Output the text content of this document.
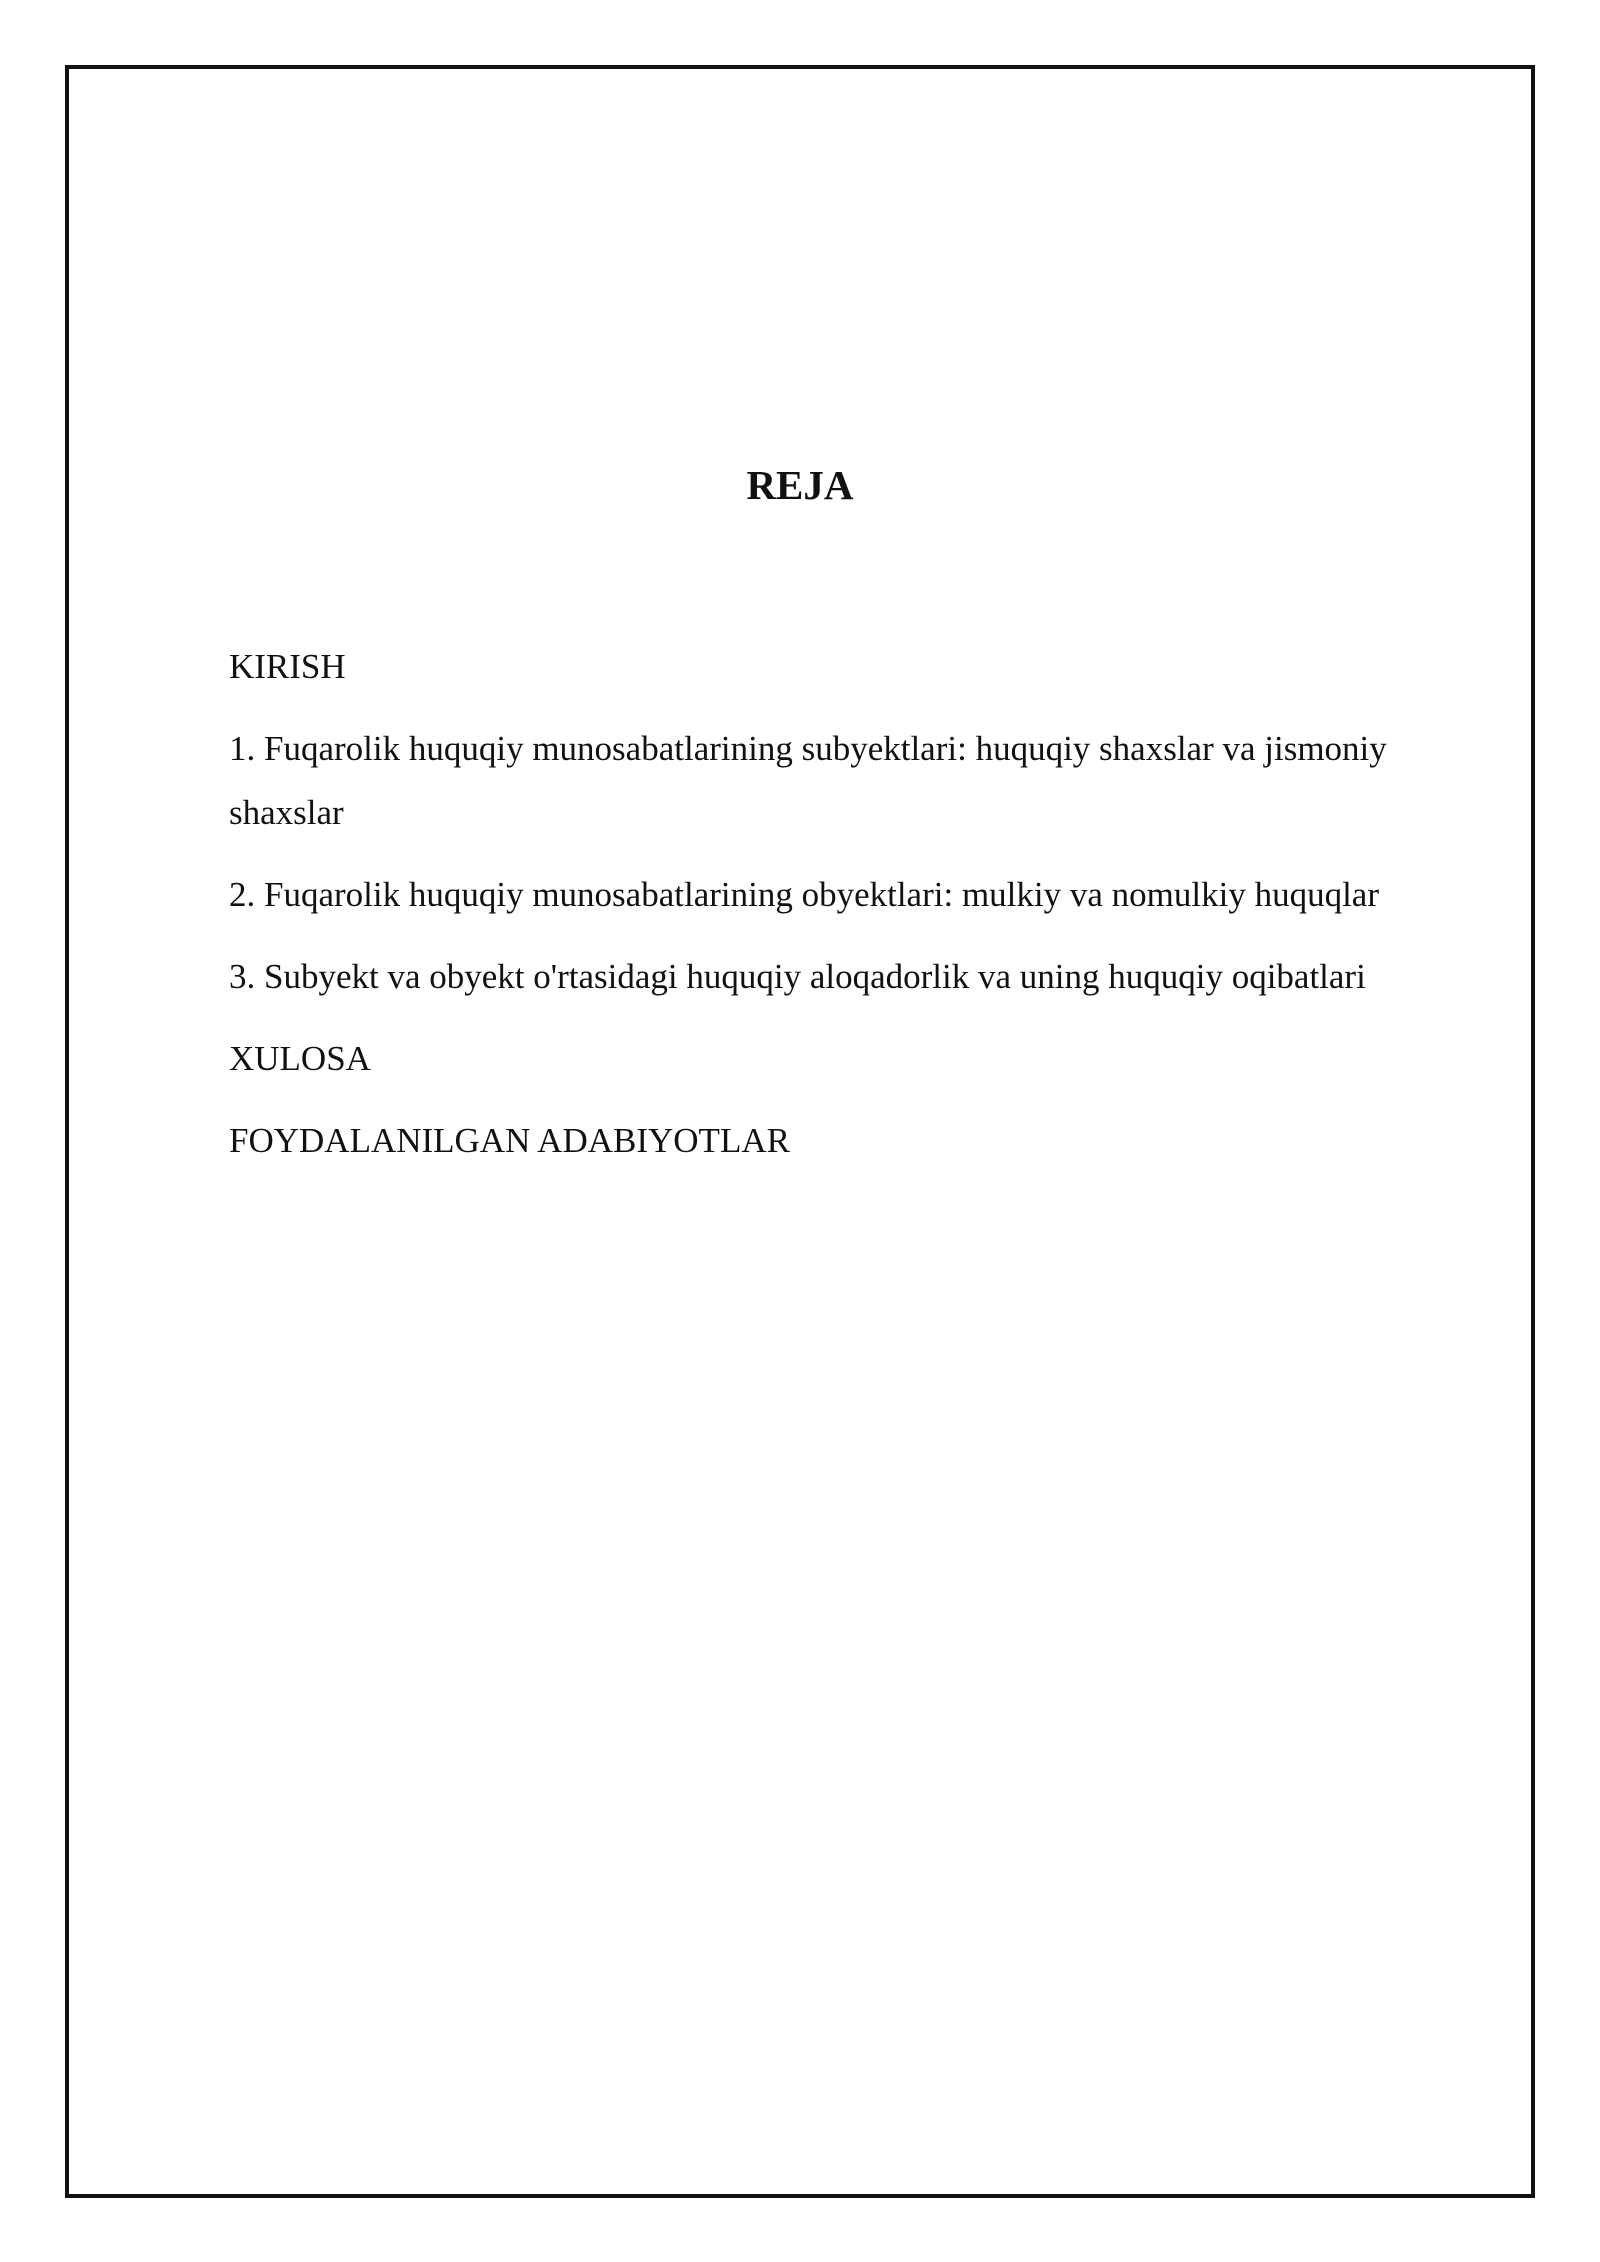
REJA
KIRISH
1. Fuqarolik huquqiy munosabatlarining subyektlari: huquqiy shaxslar va jismoniy shaxslar
2. Fuqarolik huquqiy munosabatlarining obyektlari: mulkiy va nomulkiy huquqlar
3. Subyekt va obyekt o'rtasidagi huquqiy aloqadorlik va uning huquqiy oqibatlari
XULOSA
FOYDALANILGAN ADABIYOTLAR
